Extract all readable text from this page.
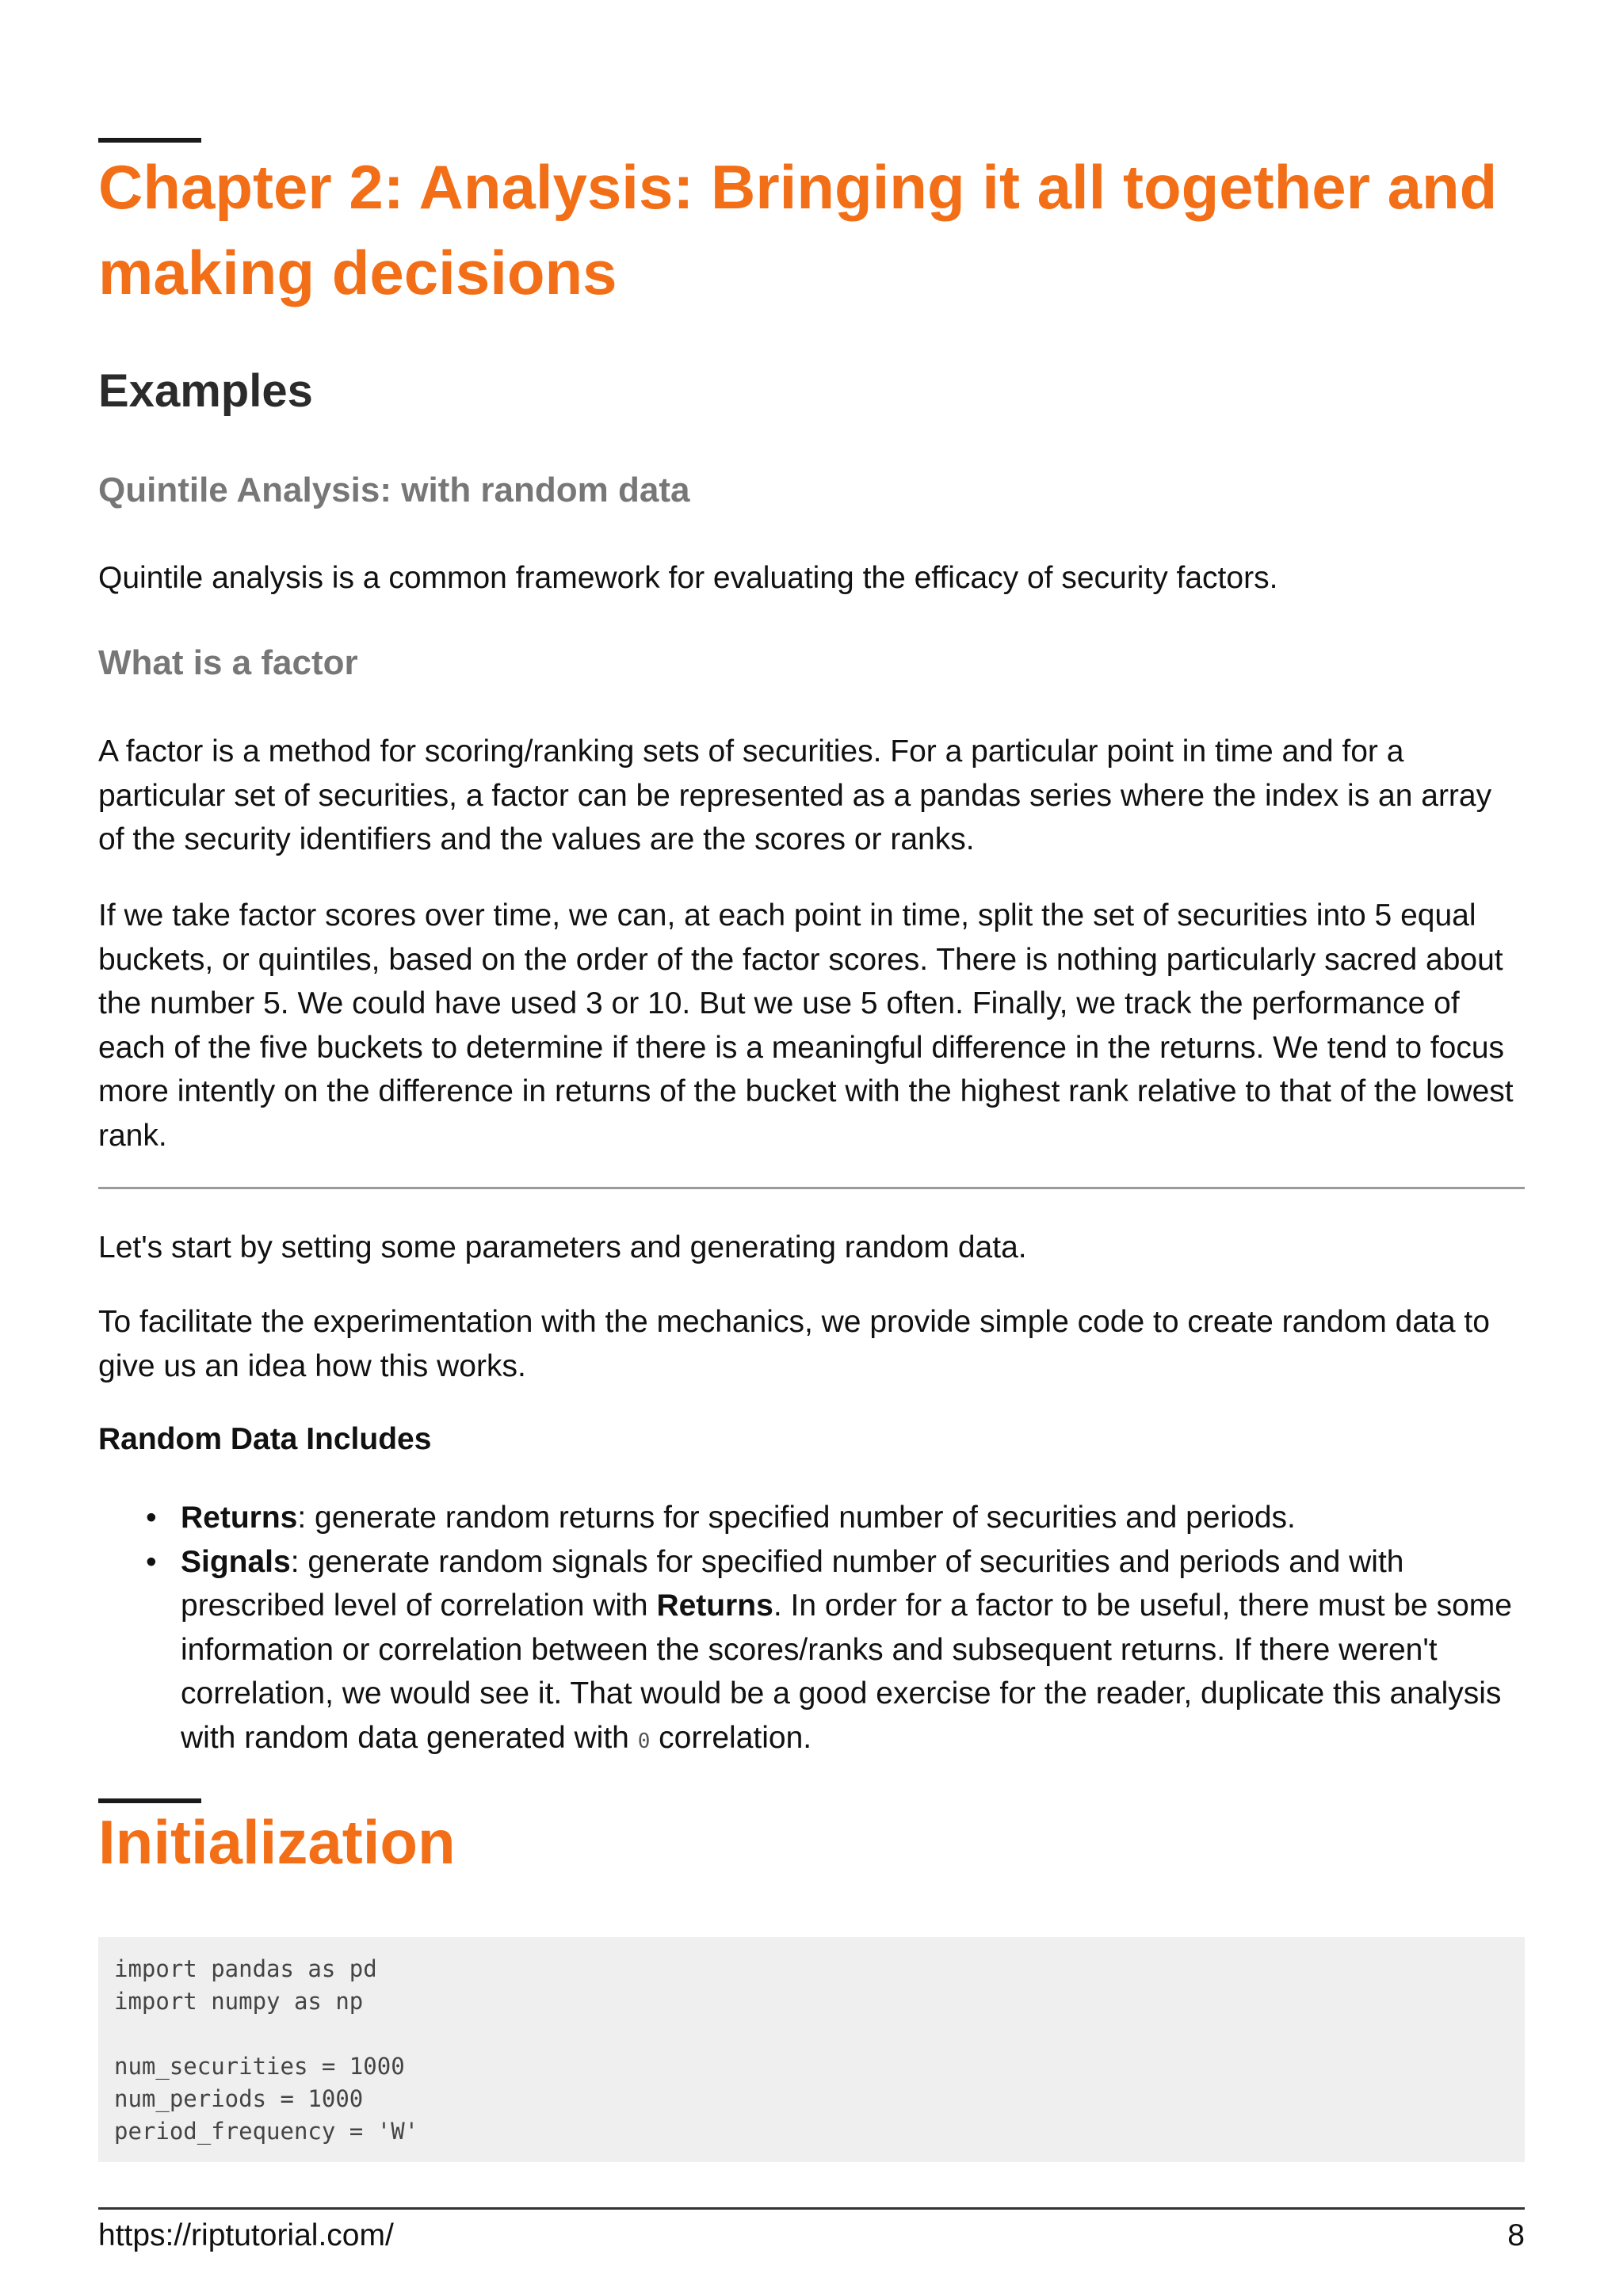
Chapter 2: Analysis: Bringing it all together and making decisions
Examples
Quintile Analysis: with random data

Quintile analysis is a common framework for evaluating the efficacy of security factors.

What is a factor

A factor is a method for scoring/ranking sets of securities. For a particular point in time and for a particular set of securities, a factor can be represented as a pandas series where the index is an array of the security identifiers and the values are the scores or ranks.

If we take factor scores over time, we can, at each point in time, split the set of securities into 5 equal buckets, or quintiles, based on the order of the factor scores. There is nothing particularly sacred about the number 5. We could have used 3 or 10. But we use 5 often. Finally, we track the performance of each of the five buckets to determine if there is a meaningful difference in the returns. We tend to focus more intently on the difference in returns of the bucket with the highest rank relative to that of the lowest rank.

Let's start by setting some parameters and generating random data.

To facilitate the experimentation with the mechanics, we provide simple code to create random data to give us an idea how this works.

Random Data Includes

• Returns: generate random returns for specified number of securities and periods.
• Signals: generate random signals for specified number of securities and periods and with prescribed level of correlation with Returns. In order for a factor to be useful, there must be some information or correlation between the scores/ranks and subsequent returns. If there weren't correlation, we would see it. That would be a good exercise for the reader, duplicate this analysis with random data generated with 0 correlation.
Initialization
import pandas as pd
import numpy as np
num_securities = 1000
num_periods = 1000
period_frequency = 'W'

https://riptutorial.com/	8
